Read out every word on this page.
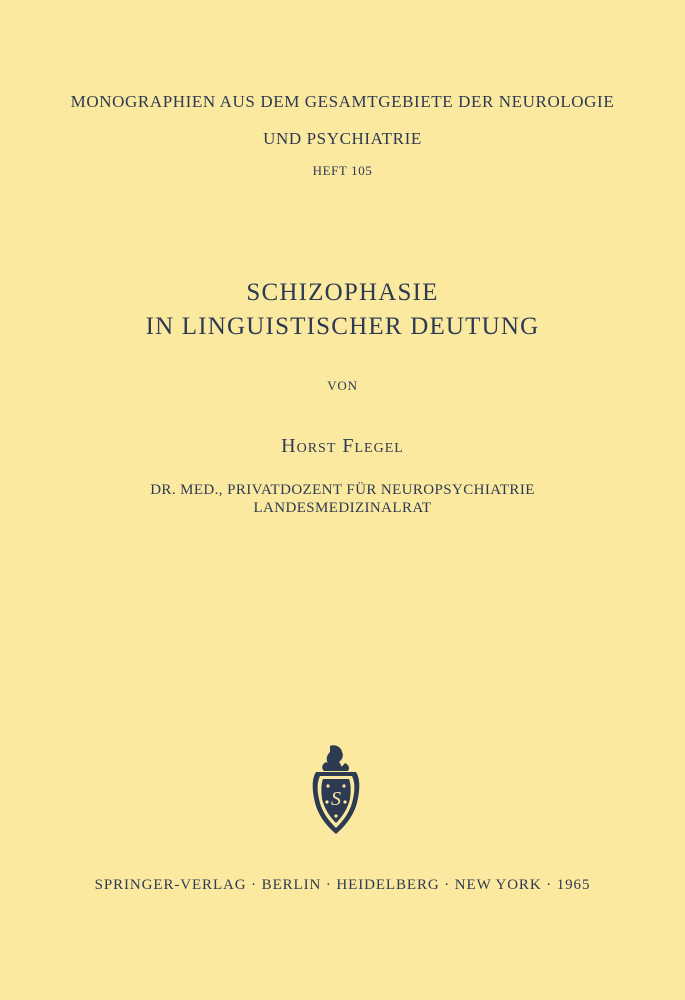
MONOGRAPHIEN AUS DEM GESAMTGEBIETE DER NEUROLOGIE
UND PSYCHIATRIE
HEFT 105
SCHIZOPHASIE
IN LINGUISTISCHER DEUTUNG
VON
Horst Flegel
DR. MED., PRIVATDOZENT FÜR NEUROPSYCHIATRIE
LANDESMEDIZINALRAT
S
SPRINGER-VERLAG · BERLIN · HEIDELBERG · NEW YORK · 1965
